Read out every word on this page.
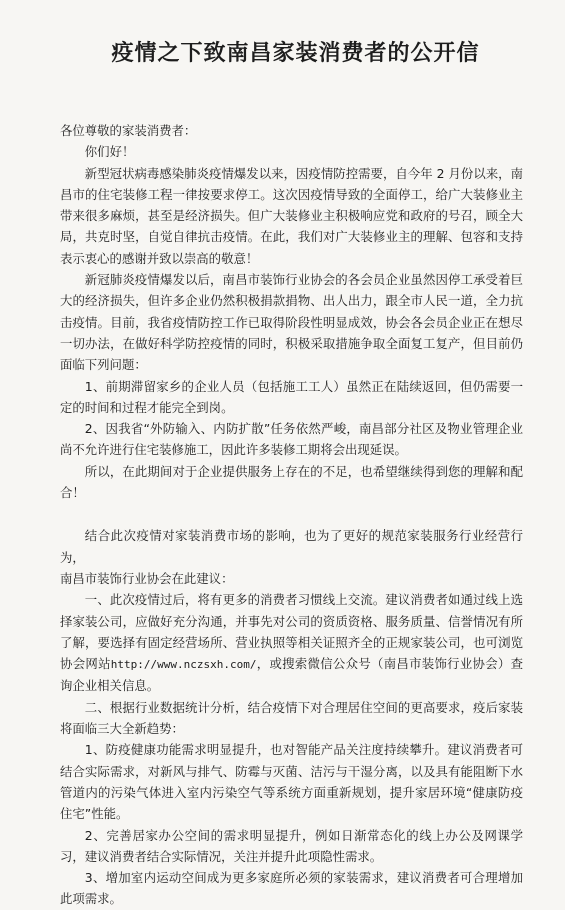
疫情之下致南昌家装消费者的公开信

各位尊敬的家装消费者：

你们好！

新型冠状病毒感染肺炎疫情爆发以来，因疫情防控需要，自今年 2 月份以来，南昌市的住宅装修工程一律按要求停工。这次因疫情导致的全面停工，给广大装修业主带来很多麻烦，甚至是经济损失。但广大装修业主积极响应党和政府的号召，顾全大局，共克时坚，自觉自律抗击疫情。在此，我们对广大装修业主的理解、包容和支持表示衷心的感谢并致以崇高的敬意！

新冠肺炎疫情爆发以后，南昌市装饰行业协会的各会员企业虽然因停工承受着巨大的经济损失，但许多企业仍然积极捐款捐物、出人出力，跟全市人民一道，全力抗击疫情。目前，我省疫情防控工作已取得阶段性明显成效，协会各会员企业正在想尽一切办法，在做好科学防控疫情的同时，积极采取措施争取全面复工复产，但目前仍面临下列问题：

1、前期滞留家乡的企业人员（包括施工工人）虽然正在陆续返回，但仍需要一定的时间和过程才能完全到岗。

2、因我省“外防输入、内防扩散”任务依然严峻，南昌部分社区及物业管理企业尚不允许进行住宅装修施工，因此许多装修工期将会出现延误。

所以，在此期间对于企业提供服务上存在的不足，也希望继续得到您的理解和配合！

结合此次疫情对家装消费市场的影响，也为了更好的规范家装服务行业经营行为，

南昌市装饰行业协会在此建议：

一、此次疫情过后，将有更多的消费者习惯线上交流。建议消费者如通过线上选择家装公司，应做好充分沟通，并事先对公司的资质资格、服务质量、信誉情况有所了解，要选择有固定经营场所、营业执照等相关证照齐全的正规家装公司，也可浏览协会网站http://www.nczsxh.com/，或搜索微信公众号（南昌市装饰行业协会）查询企业相关信息。

二、根据行业数据统计分析，结合疫情下对合理居住空间的更高要求，疫后家装将面临三大全新趋势：

1、防疫健康功能需求明显提升，也对智能产品关注度持续攀升。建议消费者可结合实际需求，对新风与排气、防霉与灭菌、洁污与干湿分离，以及具有能阻断下水管道内的污染气体进入室内污染空气等系统方面重新规划，提升家居环境“健康防疫住宅”性能。

2、完善居家办公空间的需求明显提升，例如日渐常态化的线上办公及网课学习，建议消费者结合实际情况，关注并提升此项隐性需求。

3、增加室内运动空间成为更多家庭所必须的家装需求，建议消费者可合理增加此项需求。
